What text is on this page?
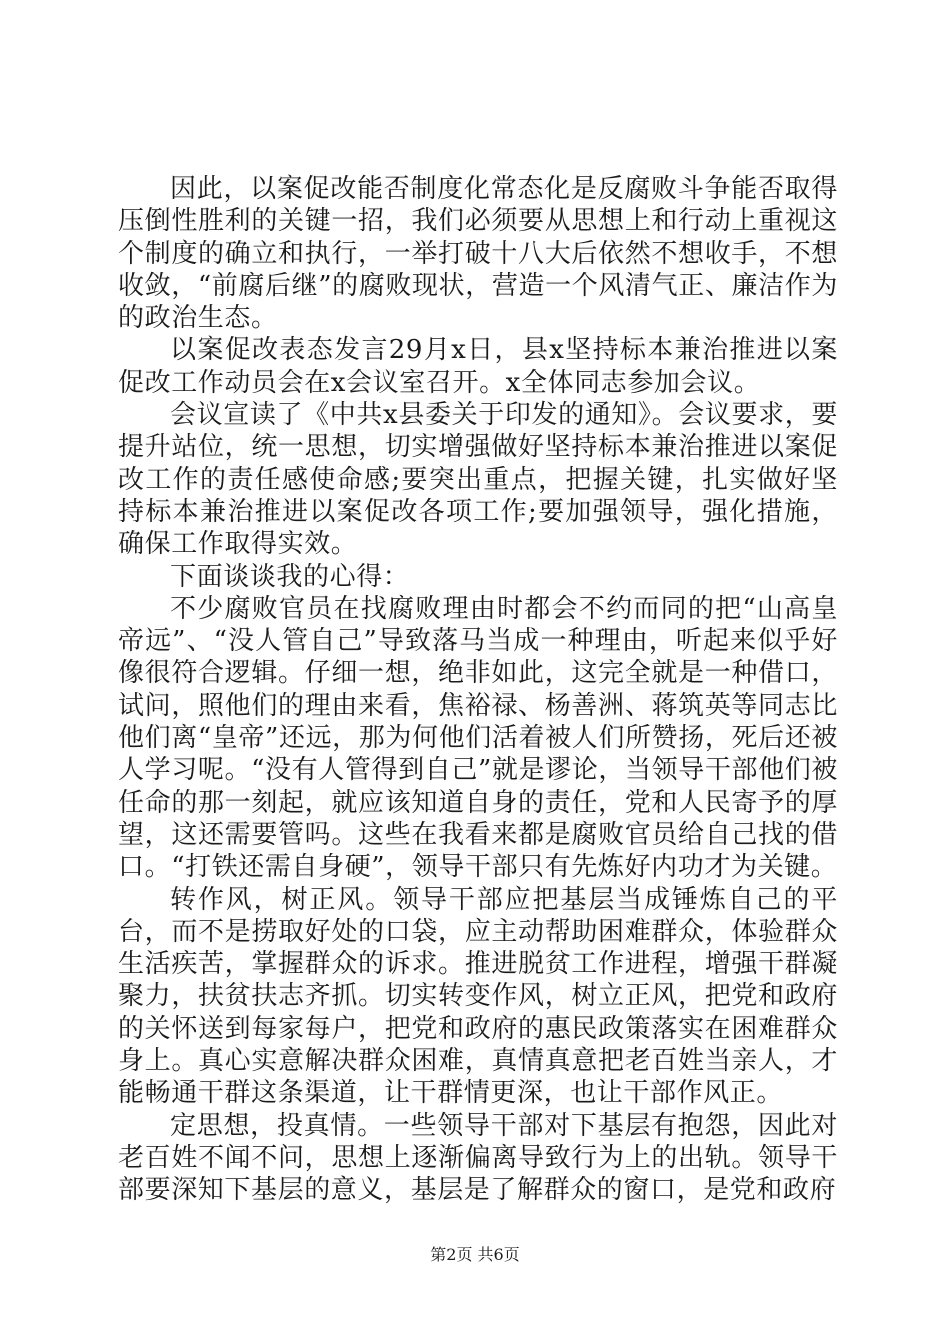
因此，以案促改能否制度化常态化是反腐败斗争能否取得压倒性胜利的关键一招，我们必须要从思想上和行动上重视这个制度的确立和执行，一举打破十八大后依然不想收手，不想收敛，“前腐后继”的腐败现状，营造一个风清气正、廉洁作为的政治生态。

以案促改表态发言29月x日，县x坚持标本兼治推进以案促改工作动员会在x会议室召开。x全体同志参加会议。

会议宣读了《中共x县委关于印发的通知》。会议要求，要提升站位，统一思想，切实增强做好坚持标本兼治推进以案促改工作的责任感使命感;要突出重点，把握关键，扎实做好坚持标本兼治推进以案促改各项工作;要加强领导，强化措施，确保工作取得实效。

下面谈谈我的心得：

不少腐败官员在找腐败理由时都会不约而同的把“山高皇帝远”、“没人管自己”导致落马当成一种理由，听起来似乎好像很符合逻辑。仔细一想，绝非如此，这完全就是一种借口，试问，照他们的理由来看，焦裕禄、杨善洲、蒋筑英等同志比他们离“皇帝”还远，那为何他们活着被人们所赞扬，死后还被人学习呢。“没有人管得到自己”就是谬论，当领导干部他们被任命的那一刻起，就应该知道自身的责任，党和人民寄予的厚望，这还需要管吗。这些在我看来都是腐败官员给自己找的借口。“打铁还需自身硬”，领导干部只有先炼好内功才为关键。

转作风，树正风。领导干部应把基层当成锤炼自己的平台，而不是捞取好处的口袋，应主动帮助困难群众，体验群众生活疾苦，掌握群众的诉求。推进脱贫工作进程，增强干群凝聚力，扶贫扶志齐抓。切实转变作风，树立正风，把党和政府的关怀送到每家每户，把党和政府的惠民政策落实在困难群众身上。真心实意解决群众困难，真情真意把老百姓当亲人，才能畅通干群这条渠道，让干群情更深，也让干部作风正。

定思想，投真情。一些领导干部对下基层有抱怨，因此对老百姓不闻不问，思想上逐渐偏离导致行为上的出轨。领导干部要深知下基层的意义，基层是了解群众的窗口，是党和政府

第2页 共6页
